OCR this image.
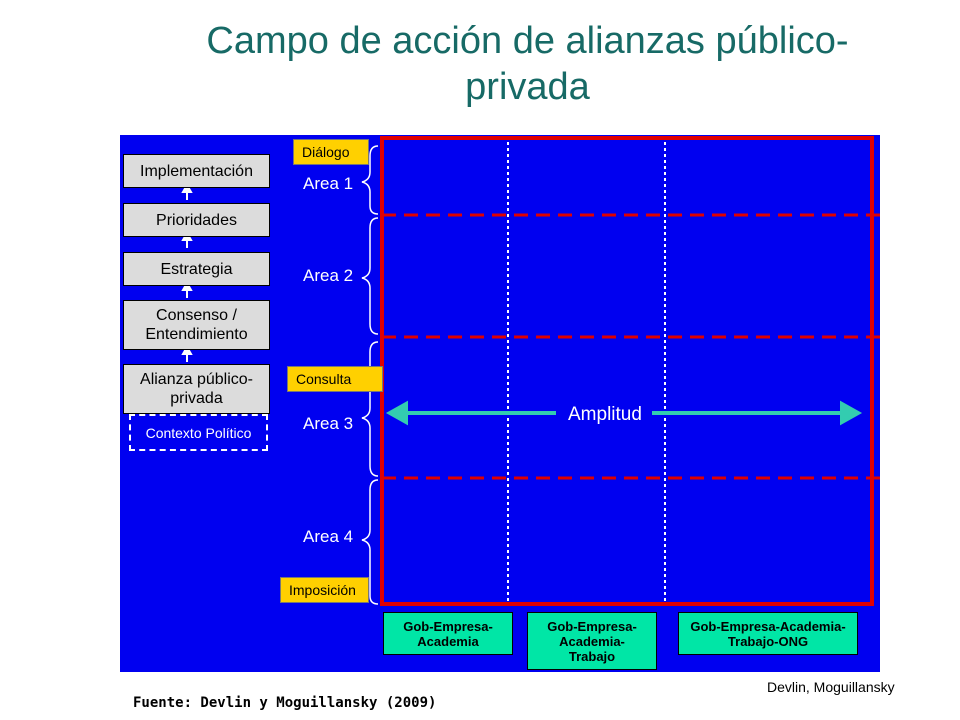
Campo de acción de alianzas público-privada
Implementación
Prioridades
Estrategia
Consenso / Entendimiento
Alianza público-privada
Contexto Político
Diálogo
Consulta
Imposición
Area 1
Area 2
Area 3
Area 4
Amplitud
Gob-Empresa-Academia
Gob-Empresa-Academia-Trabajo
Gob-Empresa-Academia-Trabajo-ONG
Devlin, Moguillansky
Fuente: Devlin y Moguillansky (2009)
